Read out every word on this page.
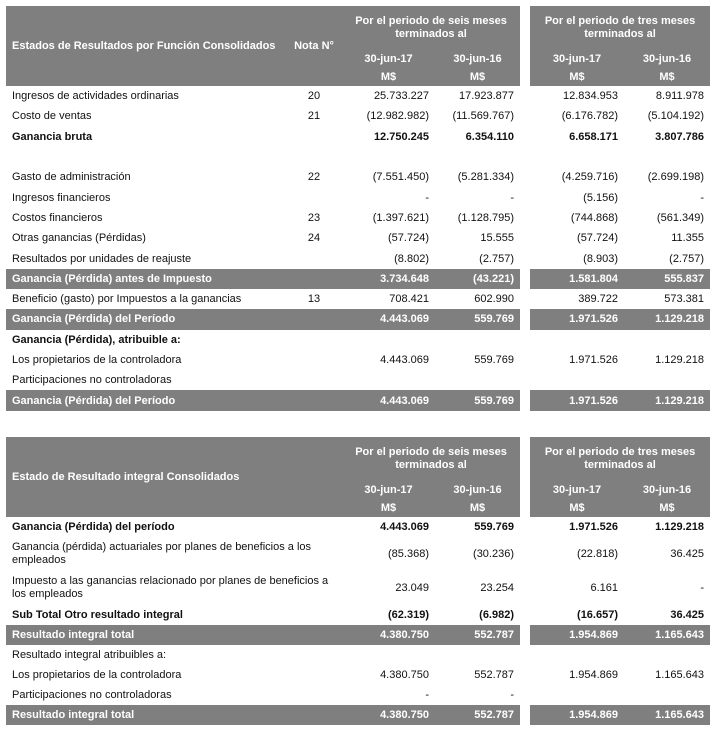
Estados de Resultados por Función Consolidados	Nota N°	Por el periodo de seis meses terminados al			Por el periodo de tres meses terminados al	
		30-jun-17	30-jun-16		30-jun-17	30-jun-16
		M$	M$		M$	M$
Ingresos de actividades ordinarias	20	25.733.227	17.923.877		12.834.953	8.911.978
Costo de ventas	21	(12.982.982)	(11.569.767)		(6.176.782)	(5.104.192)
Ganancia bruta		12.750.245	6.354.110		6.658.171	3.807.786

Gasto de administración	22	(7.551.450)	(5.281.334)		(4.259.716)	(2.699.198)
Ingresos financieros		-	-		(5.156)	-
Costos financieros	23	(1.397.621)	(1.128.795)		(744.868)	(561.349)
Otras ganancias (Pérdidas)	24	(57.724)	15.555		(57.724)	11.355
Resultados por unidades de reajuste		(8.802)	(2.757)		(8.903)	(2.757)
Ganancia (Pérdida) antes de Impuesto		3.734.648	(43.221)		1.581.804	555.837
Beneficio (gasto) por Impuestos a la ganancias	13	708.421	602.990		389.722	573.381
Ganancia (Pérdida) del Período		4.443.069	559.769		1.971.526	1.129.218
Ganancia (Pérdida), atribuible a:						
Los propietarios de la controladora		4.443.069	559.769		1.971.526	1.129.218
Participaciones no controladoras						
Ganancia (Pérdida) del Período		4.443.069	559.769		1.971.526	1.129.218
Estado de Resultado integral Consolidados	Por el periodo de seis meses terminados al			Por el periodo de tres meses terminados al	
	30-jun-17	30-jun-16		30-jun-17	30-jun-16
	M$	M$		M$	M$
Ganancia (Pérdida) del período	4.443.069	559.769		1.971.526	1.129.218
Ganancia (pérdida) actuariales por planes de beneficios a los empleados	(85.368)	(30.236)		(22.818)	36.425
Impuesto a las ganancias relacionado por planes de beneficios a los empleados	23.049	23.254		6.161	-
Sub Total Otro resultado integral	(62.319)	(6.982)		(16.657)	36.425
Resultado integral total	4.380.750	552.787		1.954.869	1.165.643
Resultado integral atribuibles a:					
Los propietarios de la controladora	4.380.750	552.787		1.954.869	1.165.643
Participaciones no controladoras	-	-			
Resultado integral total	4.380.750	552.787		1.954.869	1.165.643
